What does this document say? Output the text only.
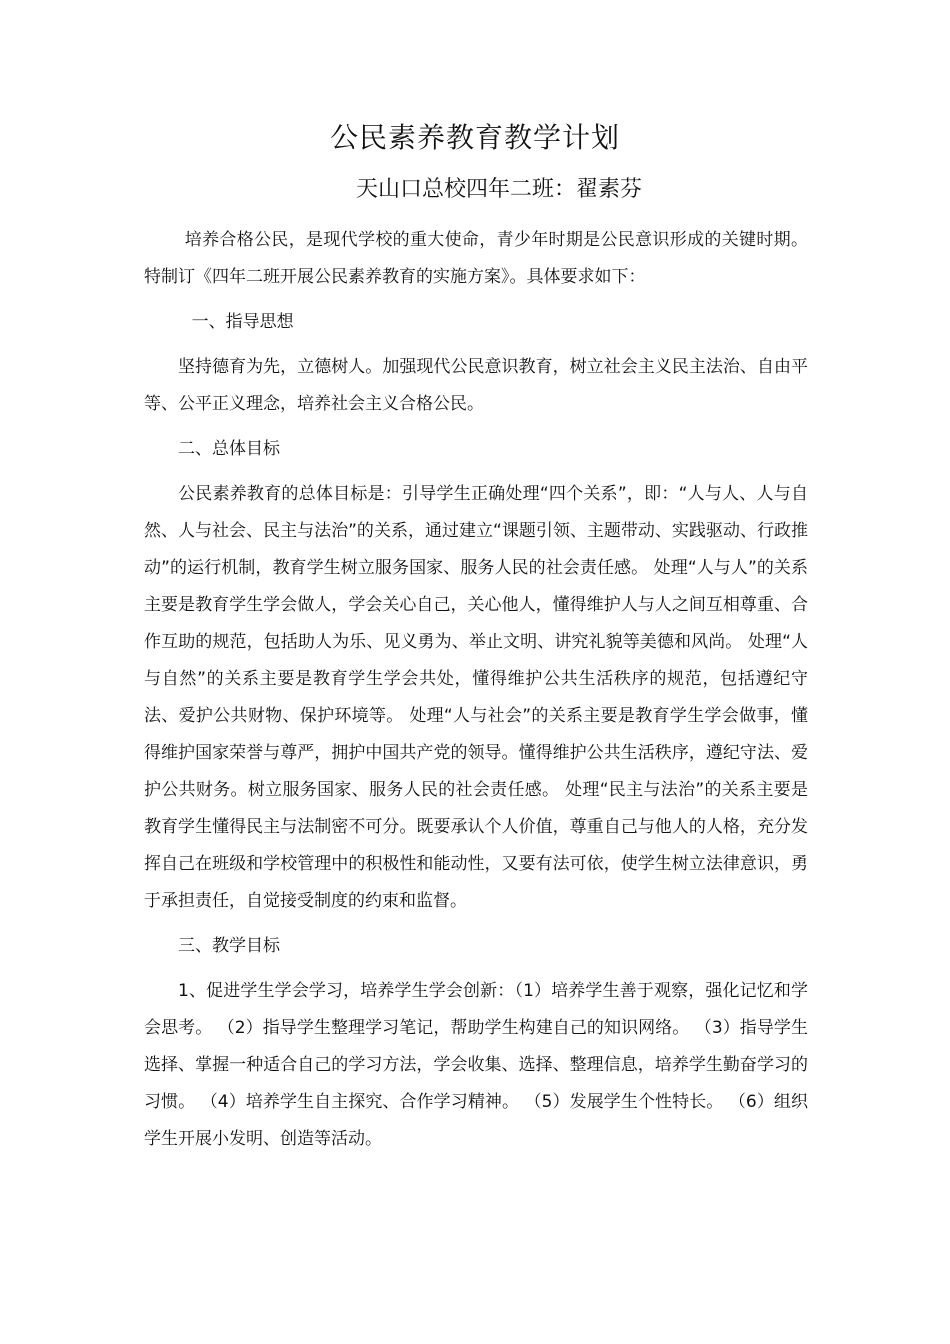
公民素养教育教学计划
天山口总校四年二班：翟素芬

培养合格公民，是现代学校的重大使命，青少年时期是公民意识形成的关键时期。特制订《四年二班开展公民素养教育的实施方案》。具体要求如下：

一、指导思想

坚持德育为先，立德树人。加强现代公民意识教育，树立社会主义民主法治、自由平等、公平正义理念，培养社会主义合格公民。

二、总体目标

公民素养教育的总体目标是：引导学生正确处理“四个关系”，即：“人与人、人与自然、人与社会、民主与法治”的关系，通过建立“课题引领、主题带动、实践驱动、行政推动”的运行机制，教育学生树立服务国家、服务人民的社会责任感。 处理“人与人”的关系主要是教育学生学会做人，学会关心自己，关心他人，懂得维护人与人之间互相尊重、合作互助的规范，包括助人为乐、见义勇为、举止文明、讲究礼貌等美德和风尚。 处理“人与自然”的关系主要是教育学生学会共处，懂得维护公共生活秩序的规范，包括遵纪守法、爱护公共财物、保护环境等。 处理“人与社会”的关系主要是教育学生学会做事，懂得维护国家荣誉与尊严，拥护中国共产党的领导。懂得维护公共生活秩序，遵纪守法、爱护公共财务。树立服务国家、服务人民的社会责任感。 处理“民主与法治”的关系主要是教育学生懂得民主与法制密不可分。既要承认个人价值，尊重自己与他人的人格，充分发挥自己在班级和学校管理中的积极性和能动性，又要有法可依，使学生树立法律意识，勇于承担责任，自觉接受制度的约束和监督。

三、教学目标

1、促进学生学会学习，培养学生学会创新：（1）培养学生善于观察，强化记忆和学会思考。 （2）指导学生整理学习笔记，帮助学生构建自己的知识网络。 （3）指导学生选择、掌握一种适合自己的学习方法，学会收集、选择、整理信息，培养学生勤奋学习的习惯。 （4）培养学生自主探究、合作学习精神。 （5）发展学生个性特长。 （6）组织学生开展小发明、创造等活动。
